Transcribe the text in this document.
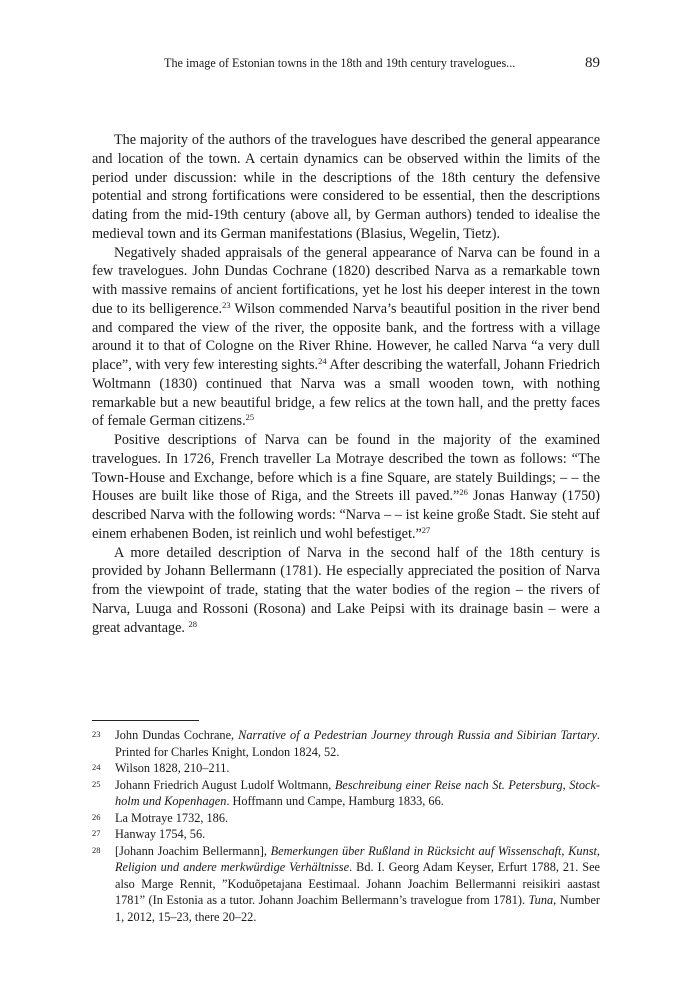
The image of Estonian towns in the 18th and 19th century travelogues...	89

The majority of the authors of the travelogues have described the general appearance and location of the town. A certain dynamics can be observed within the limits of the period under discussion: while in the descriptions of the 18th century the defensive potential and strong fortifications were considered to be essential, then the descriptions dating from the mid-19th century (above all, by German authors) tended to idealise the medieval town and its German manifestations (Blasius, Wegelin, Tietz).

Negatively shaded appraisals of the general appearance of Narva can be found in a few travelogues. John Dundas Cochrane (1820) described Narva as a remarkable town with massive remains of ancient fortifications, yet he lost his deeper interest in the town due to its belligerence.$^{23}$ Wilson commended Narva’s beautiful position in the river bend and compared the view of the river, the opposite bank, and the fortress with a village around it to that of Cologne on the River Rhine. However, he called Narva “a very dull place”, with very few interesting sights.$^{24}$ After describing the waterfall, Johann Friedrich Woltmann (1830) continued that Narva was a small wooden town, with nothing remarkable but a new beautiful bridge, a few relics at the town hall, and the pretty faces of female German citizens.$^{25}$

Positive descriptions of Narva can be found in the majority of the examined travelogues. In 1726, French traveller La Motraye described the town as follows: “The Town-House and Exchange, before which is a fine Square, are stately Buildings; – – the Houses are built like those of Riga, and the Streets ill paved.”$^{26}$ Jonas Hanway (1750) described Narva with the following words: “Narva – – ist keine große Stadt. Sie steht auf einem erhabenen Boden, ist reinlich und wohl befestiget.”$^{27}$

A more detailed description of Narva in the second half of the 18th century is provided by Johann Bellermann (1781). He especially appreciated the position of Narva from the viewpoint of trade, stating that the water bodies of the region – the rivers of Narva, Luuga and Rossoni (Rosona) and Lake Peipsi with its drainage basin – were a great advantage. $^{28}$

23	John Dundas Cochrane, Narrative of a Pedestrian Journey through Russia and Sibirian Tartary. Printed for Charles Knight, London 1824, 52.
24	Wilson 1828, 210–211.
25	Johann Friedrich August Ludolf Woltmann, Beschreibung einer Reise nach St. Petersburg, Stockholm und Kopenhagen. Hoffmann und Campe, Hamburg 1833, 66.
26	La Motraye 1732, 186.
27	Hanway 1754, 56.
28	[Johann Joachim Bellermann], Bemerkungen über Rußland in Rücksicht auf Wissenschaft, Kunst, Religion und andere merkwürdige Verhältnisse. Bd. I. Georg Adam Keyser, Erfurt 1788, 21. See also Marge Rennit, ”Koduõpetajana Eestimaal. Johann Joachim Bellermanni reisikiri aastast 1781” (In Estonia as a tutor. Johann Joachim Bellermann’s travelogue from 1781). Tuna, Number 1, 2012, 15–23, there 20–22.
